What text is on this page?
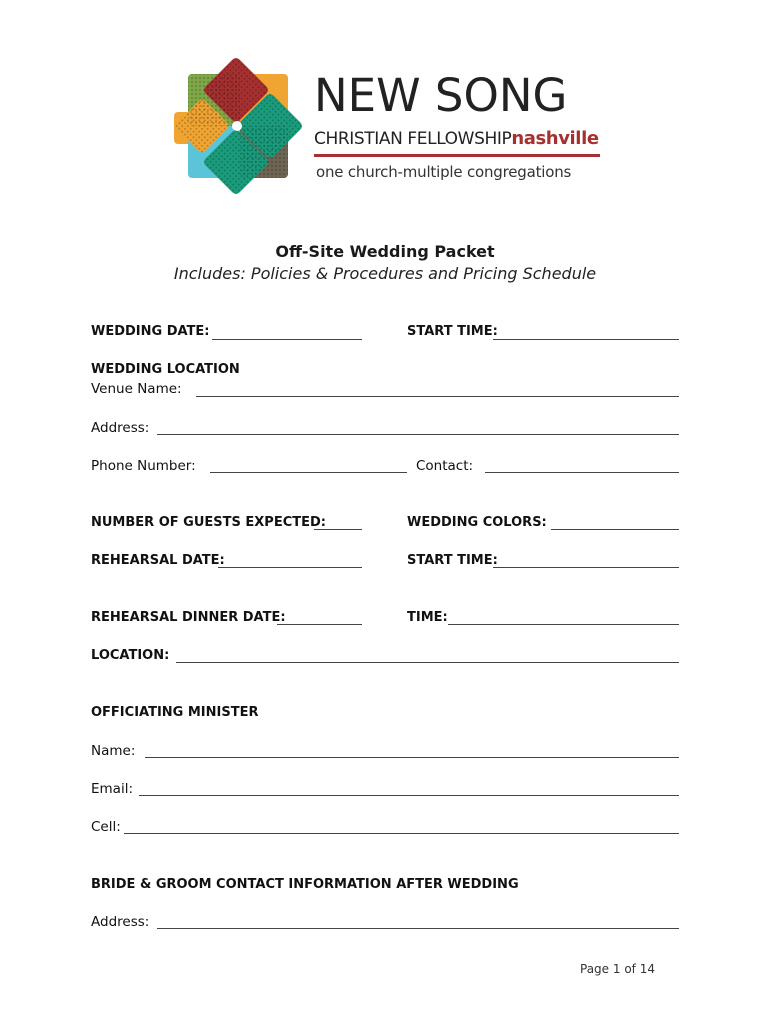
NEW SONG
CHRISTIAN FELLOWSHIPnashville
one church-multiple congregations
Off-Site Wedding Packet
Includes: Policies & Procedures and Pricing Schedule
WEDDING DATE:	START TIME:
WEDDING LOCATION
Venue Name:
Address:
Phone Number:	Contact:
NUMBER OF GUESTS EXPECTED:	WEDDING COLORS:
REHEARSAL DATE:	START TIME:
REHEARSAL DINNER DATE:	TIME:
LOCATION:
OFFICIATING MINISTER
Name:
Email:
Cell:
BRIDE & GROOM CONTACT INFORMATION AFTER WEDDING
Address:
Page 1 of 14
